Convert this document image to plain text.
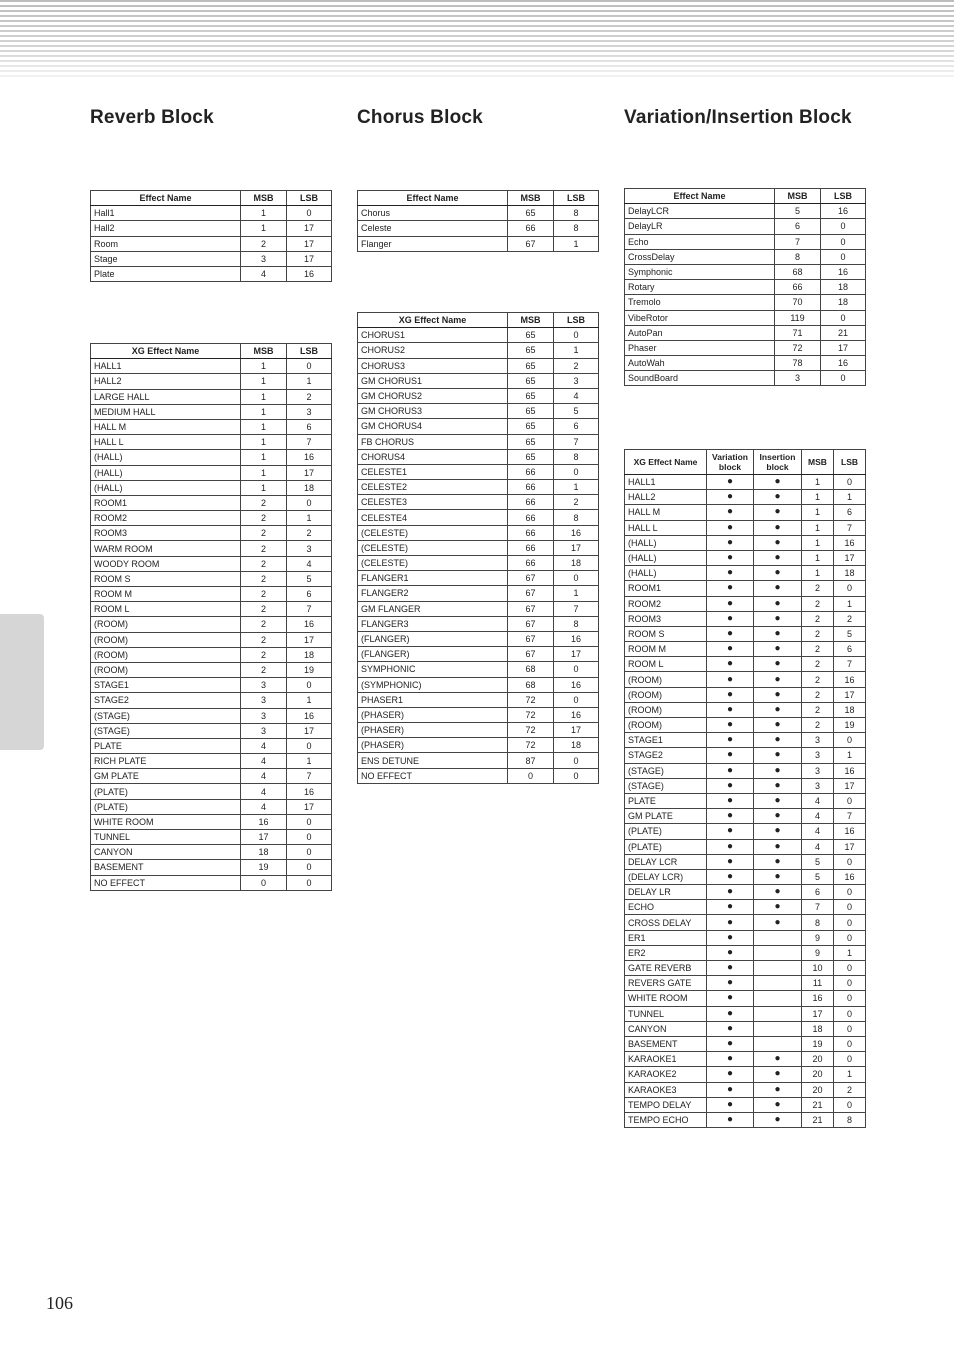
Reverb Block	Chorus Block	Variation/Insertion Block
Effect Name	MSB	LSB
Hall1	1	0
Hall2	1	17
Room	2	17
Stage	3	17
Plate	4	16
XG Effect Name	MSB	LSB
HALL1	1	0
HALL2	1	1
LARGE HALL	1	2
MEDIUM HALL	1	3
HALL M	1	6
HALL L	1	7
(HALL)	1	16
(HALL)	1	17
(HALL)	1	18
ROOM1	2	0
ROOM2	2	1
ROOM3	2	2
WARM ROOM	2	3
WOODY ROOM	2	4
ROOM S	2	5
ROOM M	2	6
ROOM L	2	7
(ROOM)	2	16
(ROOM)	2	17
(ROOM)	2	18
(ROOM)	2	19
STAGE1	3	0
STAGE2	3	1
(STAGE)	3	16
(STAGE)	3	17
PLATE	4	0
RICH PLATE	4	1
GM PLATE	4	7
(PLATE)	4	16
(PLATE)	4	17
WHITE ROOM	16	0
TUNNEL	17	0
CANYON	18	0
BASEMENT	19	0
NO EFFECT	0	0
Effect Name	MSB	LSB
Chorus	65	8
Celeste	66	8
Flanger	67	1
XG Effect Name	MSB	LSB
CHORUS1	65	0
CHORUS2	65	1
CHORUS3	65	2
GM CHORUS1	65	3
GM CHORUS2	65	4
GM CHORUS3	65	5
GM CHORUS4	65	6
FB CHORUS	65	7
CHORUS4	65	8
CELESTE1	66	0
CELESTE2	66	1
CELESTE3	66	2
CELESTE4	66	8
(CELESTE)	66	16
(CELESTE)	66	17
(CELESTE)	66	18
FLANGER1	67	0
FLANGER2	67	1
GM FLANGER	67	7
FLANGER3	67	8
(FLANGER)	67	16
(FLANGER)	67	17
SYMPHONIC	68	0
(SYMPHONIC)	68	16
PHASER1	72	0
(PHASER)	72	16
(PHASER)	72	17
(PHASER)	72	18
ENS DETUNE	87	0
NO EFFECT	0	0
Effect Name	MSB	LSB
DelayLCR	5	16
DelayLR	6	0
Echo	7	0
CrossDelay	8	0
Symphonic	68	16
Rotary	66	18
Tremolo	70	18
VibeRotor	119	0
AutoPan	71	21
Phaser	72	17
AutoWah	78	16
SoundBoard	3	0
XG Effect Name	Variation block	Insertion block	MSB	LSB
HALL1	●	●	1	0
HALL2	●	●	1	1
HALL M	●	●	1	6
HALL L	●	●	1	7
(HALL)	●	●	1	16
(HALL)	●	●	1	17
(HALL)	●	●	1	18
ROOM1	●	●	2	0
ROOM2	●	●	2	1
ROOM3	●	●	2	2
ROOM S	●	●	2	5
ROOM M	●	●	2	6
ROOM L	●	●	2	7
(ROOM)	●	●	2	16
(ROOM)	●	●	2	17
(ROOM)	●	●	2	18
(ROOM)	●	●	2	19
STAGE1	●	●	3	0
STAGE2	●	●	3	1
(STAGE)	●	●	3	16
(STAGE)	●	●	3	17
PLATE	●	●	4	0
GM PLATE	●	●	4	7
(PLATE)	●	●	4	16
(PLATE)	●	●	4	17
DELAY LCR	●	●	5	0
(DELAY LCR)	●	●	5	16
DELAY LR	●	●	6	0
ECHO	●	●	7	0
CROSS DELAY	●	●	8	0
ER1	●		9	0
ER2	●		9	1
GATE REVERB	●		10	0
REVERS GATE	●		11	0
WHITE ROOM	●		16	0
TUNNEL	●		17	0
CANYON	●		18	0
BASEMENT	●		19	0
KARAOKE1	●	●	20	0
KARAOKE2	●	●	20	1
KARAOKE3	●	●	20	2
TEMPO DELAY	●	●	21	0
TEMPO ECHO	●	●	21	8
106
